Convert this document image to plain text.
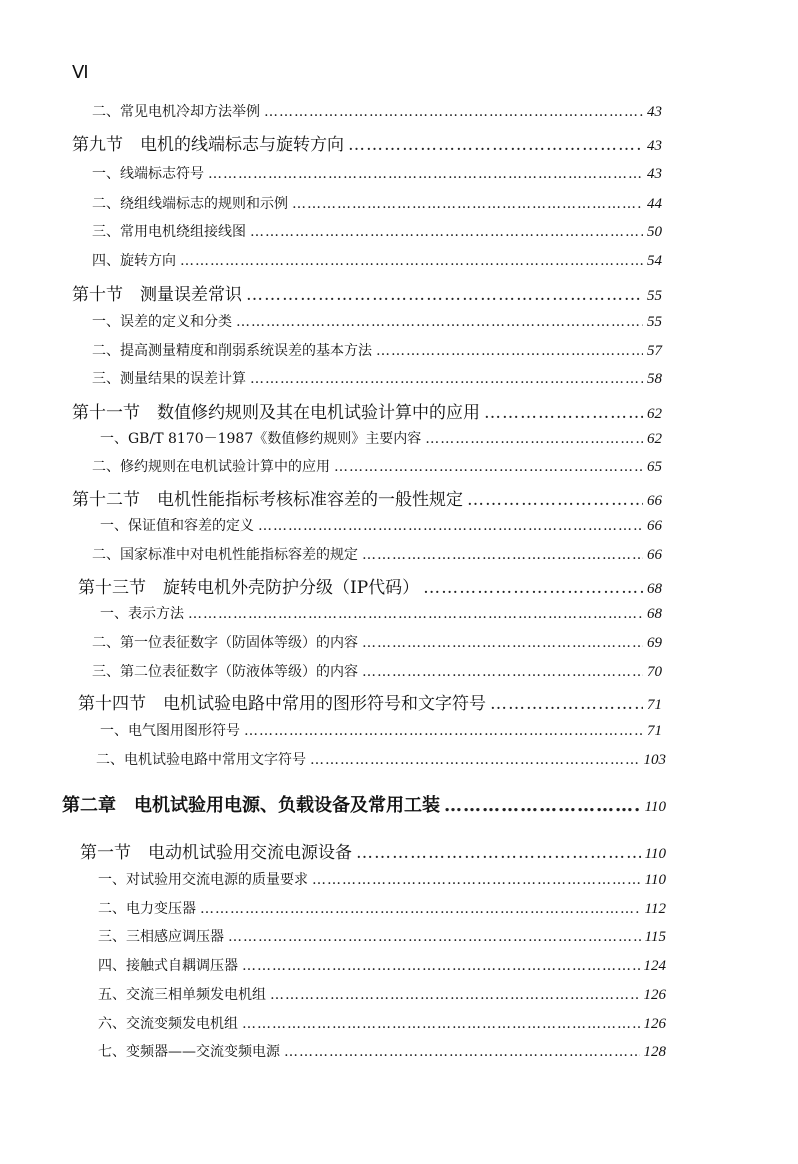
Ⅵ
二、常见电机冷却方法举例 …………………………………………………………………………………………………………………………………………………………………………	43
第九节　电机的线端标志与旋转方向 …………………………………………………………………………………………………………………………………………………………………………	43
一、线端标志符号 …………………………………………………………………………………………………………………………………………………………………………	43
二、绕组线端标志的规则和示例 …………………………………………………………………………………………………………………………………………………………………………	44
三、常用电机绕组接线图 …………………………………………………………………………………………………………………………………………………………………………	50
四、旋转方向 …………………………………………………………………………………………………………………………………………………………………………	54
第十节　测量误差常识 …………………………………………………………………………………………………………………………………………………………………………	55
一、误差的定义和分类 …………………………………………………………………………………………………………………………………………………………………………	55
二、提高测量精度和削弱系统误差的基本方法 …………………………………………………………………………………………………………………………………………………………………………	57
三、测量结果的误差计算 …………………………………………………………………………………………………………………………………………………………………………	58
第十一节　数值修约规则及其在电机试验计算中的应用 …………………………………………………………………………………………………………………………………………………………………………	62
一、GB/T 8170－1987《数值修约规则》主要内容 …………………………………………………………………………………………………………………………………………………………………………	62
二、修约规则在电机试验计算中的应用 …………………………………………………………………………………………………………………………………………………………………………	65
第十二节　电机性能指标考核标准容差的一般性规定 …………………………………………………………………………………………………………………………………………………………………………	66
一、保证值和容差的定义 …………………………………………………………………………………………………………………………………………………………………………	66
二、国家标准中对电机性能指标容差的规定 …………………………………………………………………………………………………………………………………………………………………………	66
第十三节　旋转电机外壳防护分级（IP代码） …………………………………………………………………………………………………………………………………………………………………………	68
一、表示方法 …………………………………………………………………………………………………………………………………………………………………………	68
二、第一位表征数字（防固体等级）的内容 …………………………………………………………………………………………………………………………………………………………………………	69
三、第二位表征数字（防液体等级）的内容 …………………………………………………………………………………………………………………………………………………………………………	70
第十四节　电机试验电路中常用的图形符号和文字符号 …………………………………………………………………………………………………………………………………………………………………………	71
一、电气图用图形符号 …………………………………………………………………………………………………………………………………………………………………………	71
二、电机试验电路中常用文字符号 …………………………………………………………………………………………………………………………………………………………………………	103
第二章　电机试验用电源、负载设备及常用工装 …………………………………………………………………………………………………………………………………………………………………………	110
第一节　电动机试验用交流电源设备 …………………………………………………………………………………………………………………………………………………………………………	110
一、对试验用交流电源的质量要求 …………………………………………………………………………………………………………………………………………………………………………	110
二、电力变压器 …………………………………………………………………………………………………………………………………………………………………………	112
三、三相感应调压器 …………………………………………………………………………………………………………………………………………………………………………	115
四、接触式自耦调压器 …………………………………………………………………………………………………………………………………………………………………………	124
五、交流三相单频发电机组 …………………………………………………………………………………………………………………………………………………………………………	126
六、交流变频发电机组 …………………………………………………………………………………………………………………………………………………………………………	126
七、变频器——交流变频电源 …………………………………………………………………………………………………………………………………………………………………………	128
